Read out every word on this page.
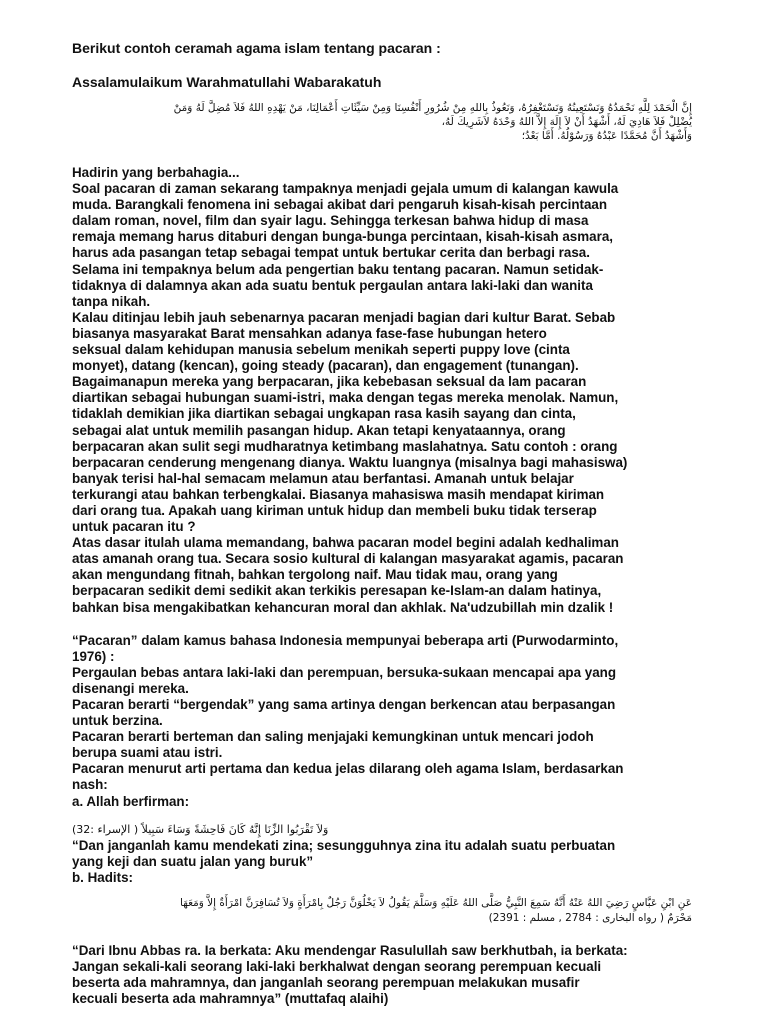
Berikut contoh ceramah agama islam tentang pacaran :

Assalamulaikum Warahmatullahi Wabarakatuh

إِنَّ الْحَمْدَ لِلَّهِ نَحْمَدُهُ وَنَسْتَعِينُهُ وَنَسْتَغْفِرُهُ، وَنَعُوذُ بِاللهِ مِنْ شُرُورِ أَنْفُسِنَا وَمِنْ سَيِّئَاتِ أَعْمَالِنَا، مَنْ يَهْدِهِ اللهُ فَلاَ مُضِلَّ لَهُ وَمَنْ

يُضْلِلْ فَلاَ هَادِيَ لَهُ، أَشْهَدُ أَنْ لاَ إِلَهَ إِلاَّ اللهُ وَحْدَهُ لاَشَرِيكَ لَهُ،

وَأَشْهَدُ أَنَّ مُحَمَّدًا عَبْدُهُ وَرَسُوْلُهُ. أَمَّا بَعْدُ؛

Hadirin yang berbahagia...

Soal pacaran di zaman sekarang tampaknya menjadi gejala umum di kalangan kawula

muda. Barangkali fenomena ini sebagai akibat dari pengaruh kisah-kisah percintaan

dalam roman, novel, film dan syair lagu. Sehingga terkesan bahwa hidup di masa

remaja memang harus ditaburi dengan bunga-bunga percintaan, kisah-kisah asmara,

harus ada pasangan tetap sebagai tempat untuk bertukar cerita dan berbagi rasa.

Selama ini tempaknya belum ada pengertian baku tentang pacaran. Namun setidak-

tidaknya di dalamnya akan ada suatu bentuk pergaulan antara laki-laki dan wanita

tanpa nikah.

Kalau ditinjau lebih jauh sebenarnya pacaran menjadi bagian dari kultur Barat. Sebab

biasanya masyarakat Barat mensahkan adanya fase-fase hubungan hetero

seksual dalam kehidupan manusia sebelum menikah seperti puppy love (cinta

monyet), datang (kencan), going steady (pacaran), dan engagement (tunangan).

Bagaimanapun mereka yang berpacaran, jika kebebasan seksual da lam pacaran

diartikan sebagai hubungan suami-istri, maka dengan tegas mereka menolak. Namun,

tidaklah demikian jika diartikan sebagai ungkapan rasa kasih sayang dan cinta,

sebagai alat untuk memilih pasangan hidup. Akan tetapi kenyataannya, orang

berpacaran akan sulit segi mudharatnya ketimbang maslahatnya. Satu contoh : orang

berpacaran cenderung mengenang dianya. Waktu luangnya (misalnya bagi mahasiswa)

banyak terisi hal-hal semacam melamun atau berfantasi. Amanah untuk belajar

terkurangi atau bahkan terbengkalai. Biasanya mahasiswa masih mendapat kiriman

dari orang tua. Apakah uang kiriman untuk hidup dan membeli buku tidak terserap

untuk pacaran itu ?

Atas dasar itulah ulama memandang, bahwa pacaran model begini adalah kedhaliman

atas amanah orang tua. Secara sosio kultural di kalangan masyarakat agamis, pacaran

akan mengundang fitnah, bahkan tergolong naif. Mau tidak mau, orang yang

berpacaran sedikit demi sedikit akan terkikis peresapan ke-Islam-an dalam hatinya,

bahkan bisa mengakibatkan kehancuran moral dan akhlak. Na'udzubillah min dzalik !

“Pacaran” dalam kamus bahasa Indonesia mempunyai beberapa arti (Purwodarminto,

1976) :

Pergaulan bebas antara laki-laki dan perempuan, bersuka-sukaan mencapai apa yang

disenangi mereka.

Pacaran berarti “bergendak” yang sama artinya dengan berkencan atau berpasangan

untuk berzina.

Pacaran berarti berteman dan saling menjajaki kemungkinan untuk mencari jodoh

berupa suami atau istri.

Pacaran menurut arti pertama dan kedua jelas dilarang oleh agama Islam, berdasarkan

nash:

a. Allah berfirman:

وَلاَ تَقْرَبُوا الزِّنَا إِنَّهُ كَانَ فَاحِشَةً وَسَاءَ سَبِيلاً ( الإسراء :32)

“Dan janganlah kamu mendekati zina; sesungguhnya zina itu adalah suatu perbuatan

yang keji dan suatu jalan yang buruk”

b. Hadits:

عَنِ ابْنِ عَبَّاسٍ رَضِيَ اللهُ عَنْهُ أَنَّهُ سَمِعَ النَّبِيُّ صَلَّى اللهُ عَلَيْهِ وَسَلَّمَ يَقُولُ لاَ يَخْلُوَنَّ رَجُلٌ بِامْرَأَةٍ وَلاَ تُسَافِرَنَّ امْرَأَةٌ إِلاَّ وَمَعَهَا

مَحْرَمٌ ( رواه البخارى : 2784 , مسلم : 2391)

“Dari Ibnu Abbas ra. Ia berkata: Aku mendengar Rasulullah saw berkhutbah, ia berkata:

Jangan sekali-kali seorang laki-laki berkhalwat dengan seorang perempuan kecuali

beserta ada mahramnya, dan janganlah seorang perempuan melakukan musafir

kecuali beserta ada mahramnya” (muttafaq alaihi)
